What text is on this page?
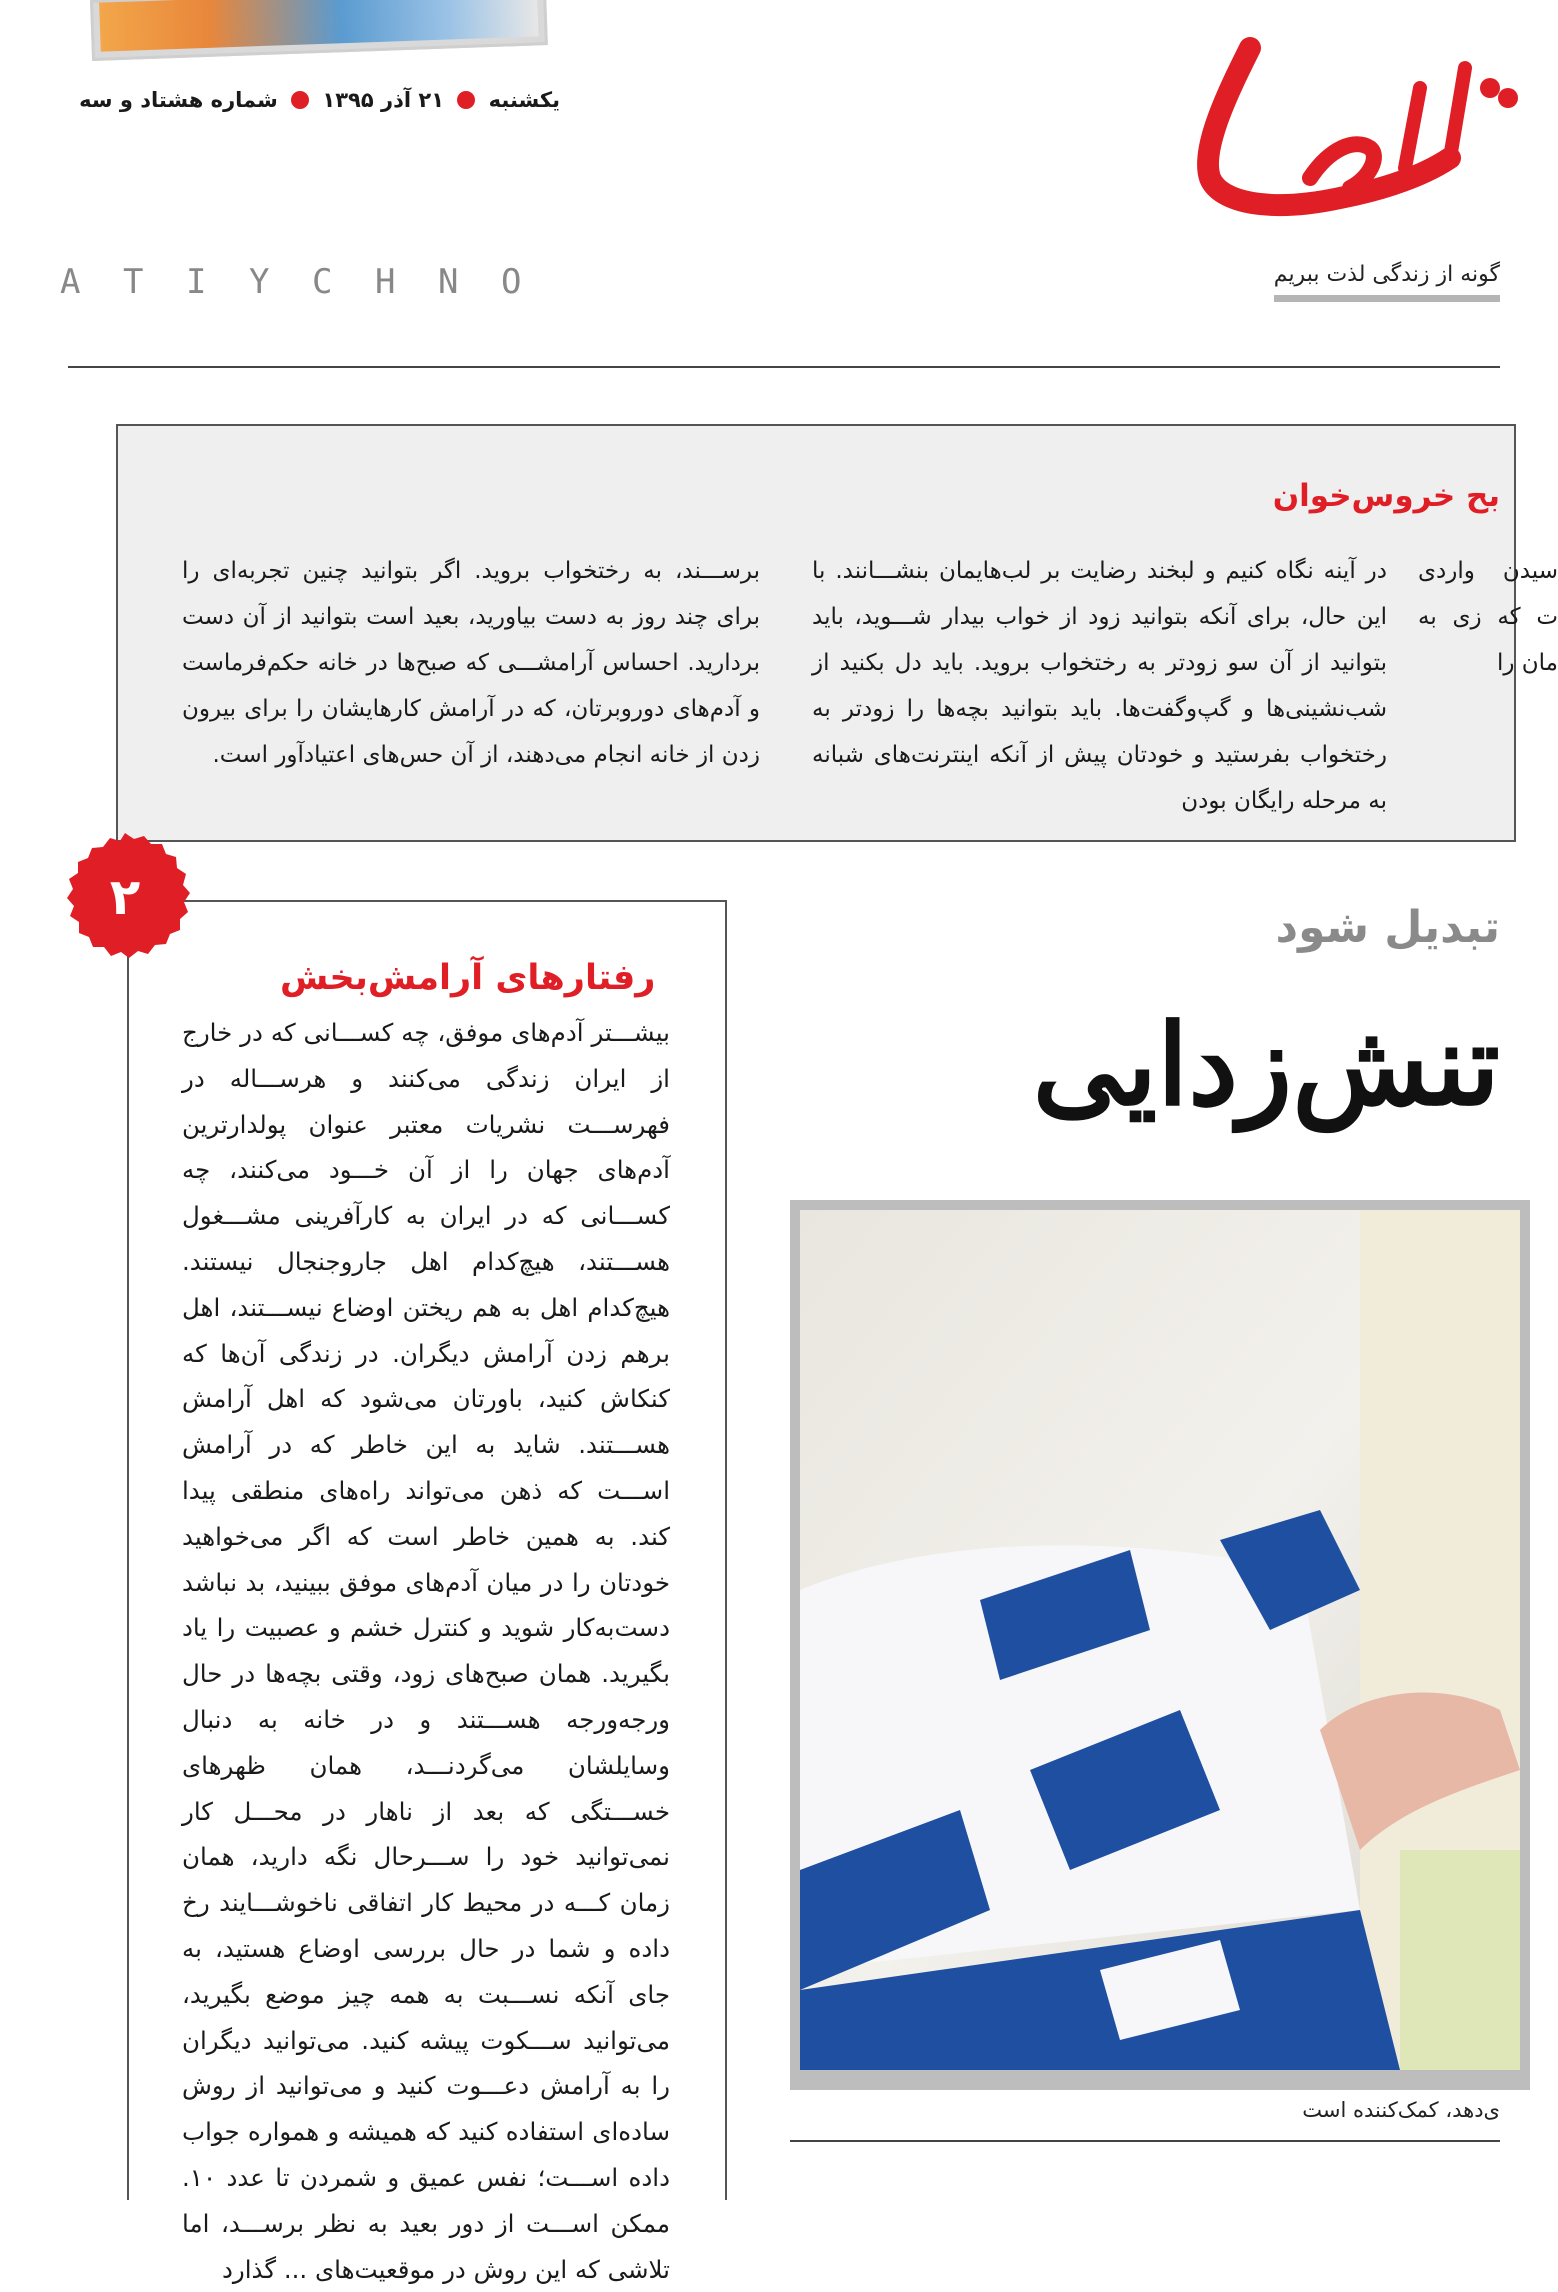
یکشنبه  ۲۱ آذر ۱۳۹۵  شماره هشتاد و سه
گونه از زندگی لذت ببریم
A T I Y C H N O
بح خروس‌خوان
سیدن واردی ت که زی به مان را
در آینه نگاه کنیم و لبخند رضایت بر لب‌هایمان بنشـــانند. با این حال، برای آنکه بتوانید زود از خواب بیدار شـــوید، باید بتوانید از آن سو زودتر به رختخواب بروید. باید دل بکنید از شب‌نشینی‌ها و گپ‌و‌گفت‌ها. باید بتوانید بچه‌ها را زودتر به رختخواب بفرستید و خودتان پیش از آنکه اینترنت‌های شبانه به مرحله رایگان بودن
برســـند، به رختخواب بروید. اگر بتوانید چنین تجربه‌ای را برای چند روز به دست بیاورید، بعید است بتوانید از آن دست بردارید. احساس آرامشـــی که صبح‌ها در خانه حکم‌فرماست و آدم‌های دوروبرتان، که در آرامش کارهایشان را برای بیرون زدن از خانه انجام می‌دهند، از آن حس‌های اعتیادآور است.
۲
رفتارهای آرامش‌بخش
بیشـــتر آدم‌های موفق، چه کســـانی که در خارج از ایران زندگی می‌کنند و هرســـاله در فهرســـت نشریات معتبر عنوان پولدارترین آدم‌های جهان را از آن خـــود می‌کنند، چه کســـانی که در ایران به کارآفرینی مشـــغول هســـتند، هیچ‌کدام اهل جاروجنجال نیستند. هیچ‌کدام اهل به هم ریختن اوضاع نیســـتند، اهل برهم زدن آرامش دیگران. در زندگی آن‌ها که کنکاش کنید، باورتان می‌شود که اهل آرامش هســـتند. شاید به این خاطر که در آرامش اســـت که ذهن می‌تواند راه‌های منطقی پیدا کند. به همین خاطر است که اگر می‌خواهید خودتان را در میان آدم‌های موفق ببینید، بد نباشد دست‌به‌کار شوید و کنترل خشم و عصبیت را یاد بگیرید. همان صبح‌های زود، وقتی بچه‌ها در حال ورجه‌ورجه هســـتند و در خانه به دنبال وسایلشان می‌گردنـــد، همان ظهرهای خســـتگی که بعد از ناهار در محـــل کار نمی‌توانید خود را ســـرحال نگه دارید، همان زمان کـــه در محیط کار اتفاقی ناخوشـــایند رخ داده و شما در حال بررسی اوضاع هستید، به جای آنکه نســـبت به همه چیز موضع بگیرید، می‌توانید ســـکوت پیشه کنید. می‌توانید دیگران را به آرامش دعـــوت کنید و می‌توانید از روش ساده‌ای استفاده کنید که همیشه و همواره جواب داده اســـت؛ نفس عمیق و شمردن تا عدد ۱۰. ممکن اســـت از دور بعید به نظر برســـد، اما تلاشی که این روش در موقعیت‌های ... گذارد
تبدیل شود
تنش‌زدایی
ی‌دهد، کمک‌کننده است
